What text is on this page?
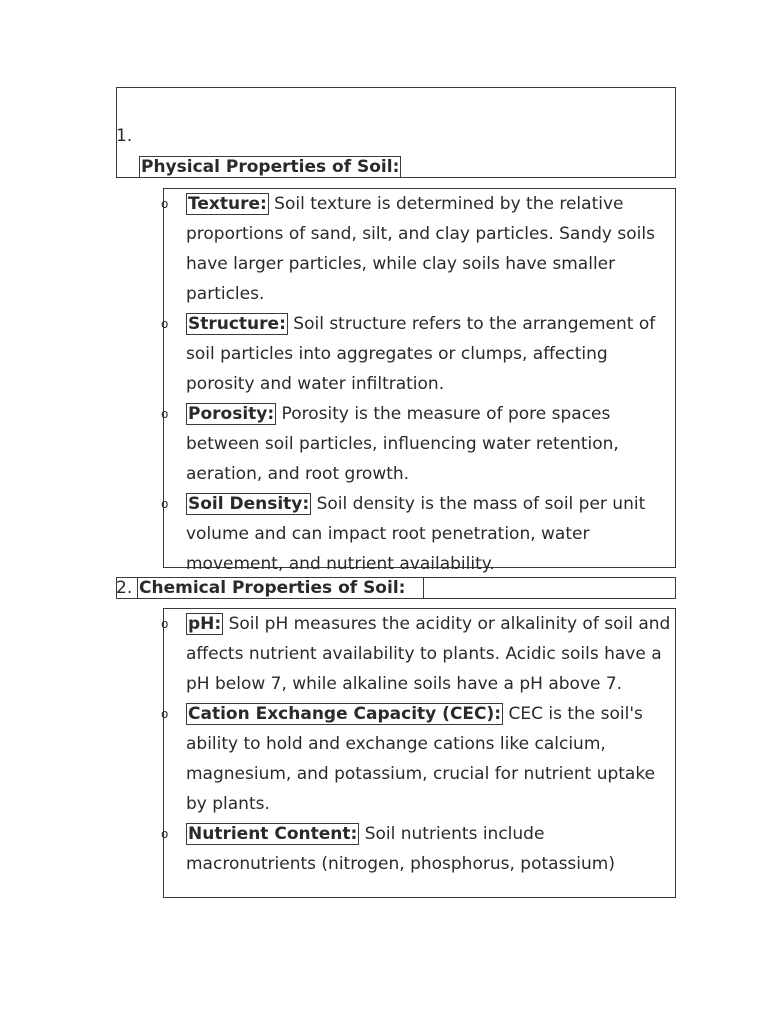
1.
Physical Properties of Soil:
o Texture: Soil texture is determined by the relative proportions of sand, silt, and clay particles. Sandy soils have larger particles, while clay soils have smaller particles.
o Structure: Soil structure refers to the arrangement of soil particles into aggregates or clumps, affecting porosity and water infiltration.
o Porosity: Porosity is the measure of pore spaces between soil particles, influencing water retention, aeration, and root growth.
o Soil Density: Soil density is the mass of soil per unit volume and can impact root penetration, water movement, and nutrient availability.
2. Chemical Properties of Soil:
o pH: Soil pH measures the acidity or alkalinity of soil and affects nutrient availability to plants. Acidic soils have a pH below 7, while alkaline soils have a pH above 7.
o Cation Exchange Capacity (CEC): CEC is the soil's ability to hold and exchange cations like calcium, magnesium, and potassium, crucial for nutrient uptake by plants.
o Nutrient Content: Soil nutrients include macronutrients (nitrogen, phosphorus, potassium)
